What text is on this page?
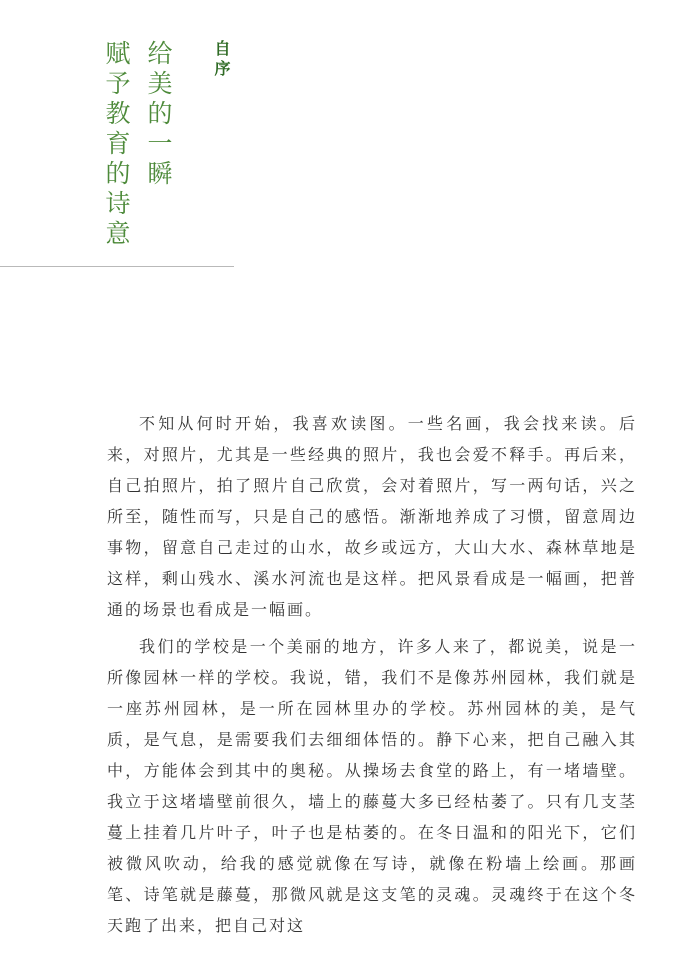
赋予教育的诗意 给美的一瞬 自序

不知从何时开始，我喜欢读图。一些名画，我会找来读。后来，对照片，尤其是一些经典的照片，我也会爱不释手。再后来，自己拍照片，拍了照片自己欣赏，会对着照片，写一两句话，兴之所至，随性而写，只是自己的感悟。渐渐地养成了习惯，留意周边事物，留意自己走过的山水，故乡或远方，大山大水、森林草地是这样，剩山残水、溪水河流也是这样。把风景看成是一幅画，把普通的场景也看成是一幅画。

我们的学校是一个美丽的地方，许多人来了，都说美，说是一所像园林一样的学校。我说，错，我们不是像苏州园林，我们就是一座苏州园林，是一所在园林里办的学校。苏州园林的美，是气质，是气息，是需要我们去细细体悟的。静下心来，把自己融入其中，方能体会到其中的奥秘。从操场去食堂的路上，有一堵墙壁。我立于这堵墙壁前很久，墙上的藤蔓大多已经枯萎了。只有几支茎蔓上挂着几片叶子，叶子也是枯萎的。在冬日温和的阳光下，它们被微风吹动，给我的感觉就像在写诗，就像在粉墙上绘画。那画笔、诗笔就是藤蔓，那微风就是这支笔的灵魂。灵魂终于在这个冬天跑了出来，把自己对这
